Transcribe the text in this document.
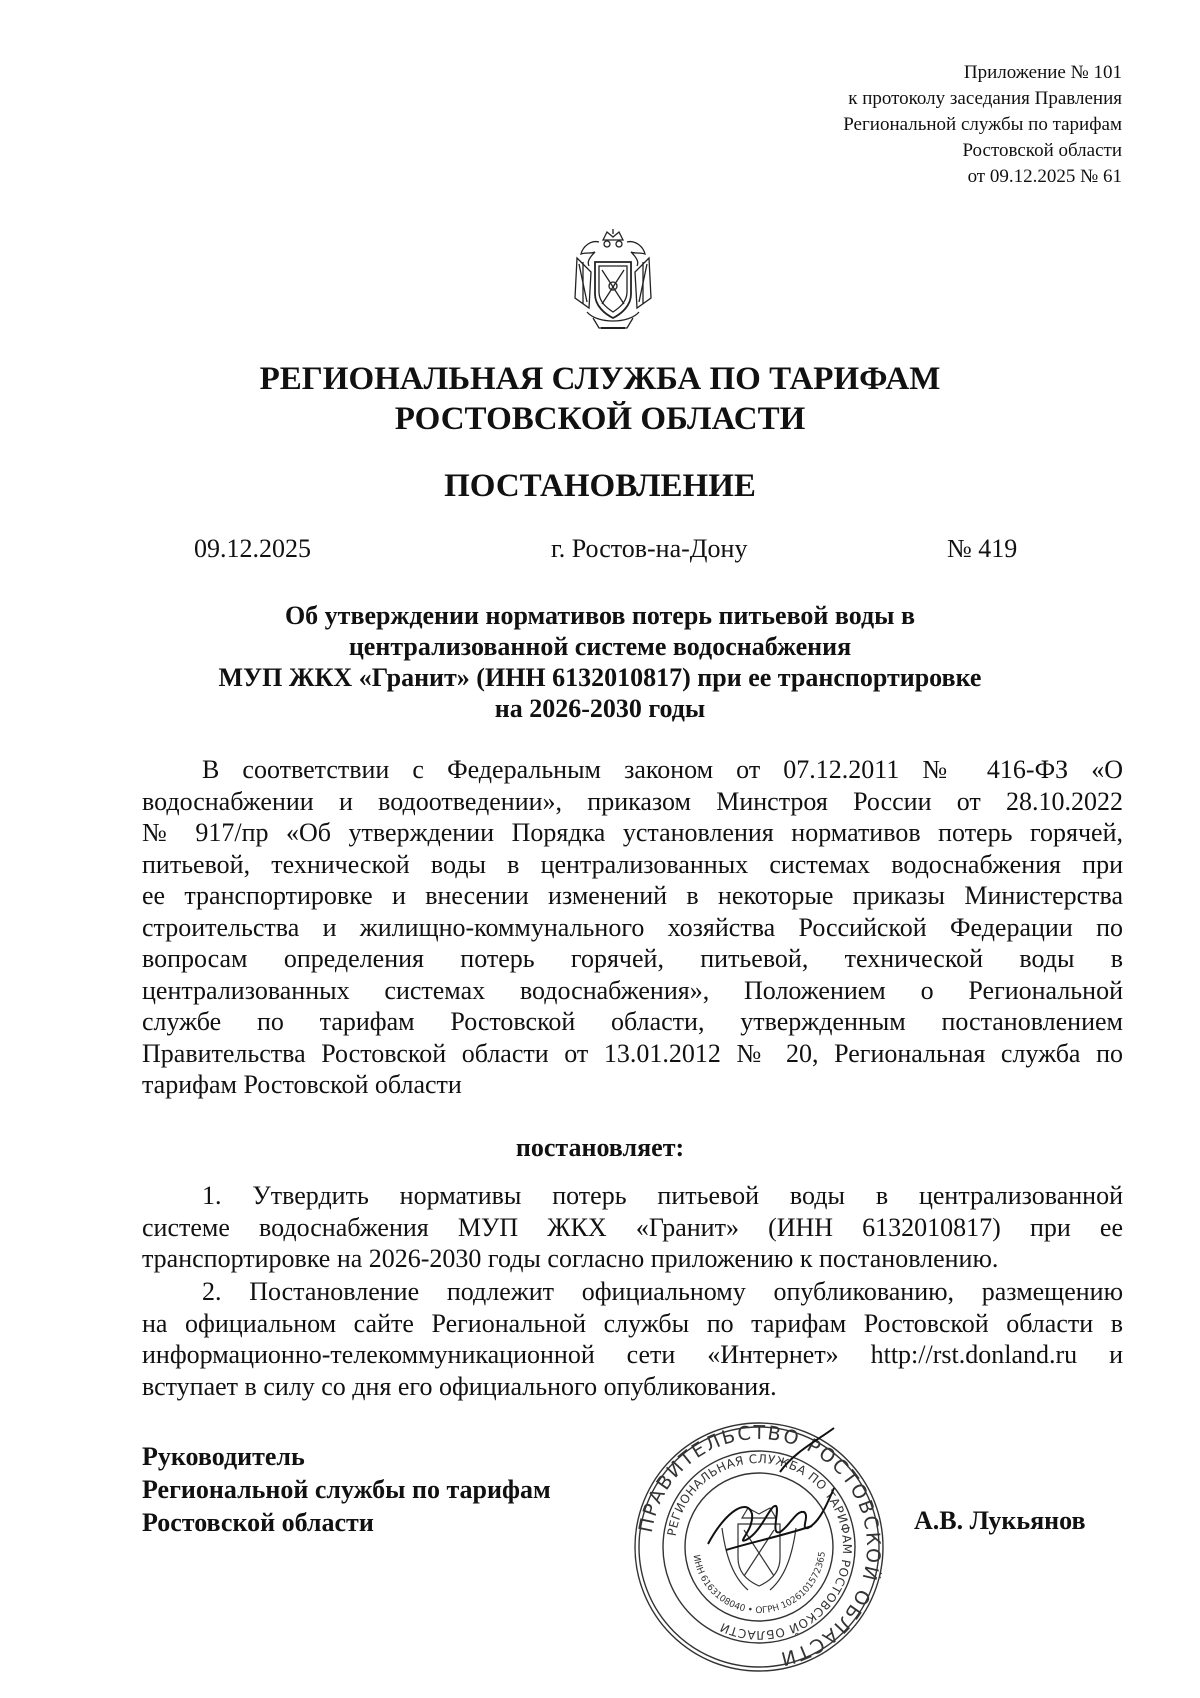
Приложение № 101
к протоколу заседания Правления
Региональной службы по тарифам
Ростовской области
от 09.12.2025 № 61
РЕГИОНАЛЬНАЯ СЛУЖБА ПО ТАРИФАМ
РОСТОВСКОЙ ОБЛАСТИ
ПОСТАНОВЛЕНИЕ
09.12.2025	г. Ростов-на-Дону	№ 419
Об утверждении нормативов потерь питьевой воды в
централизованной системе водоснабжения
МУП ЖКХ «Гранит» (ИНН 6132010817) при ее транспортировке
на 2026-2030 годы
В соответствии с Федеральным законом от 07.12.2011 № 416-ФЗ «О
водоснабжении и водоотведении», приказом Минстроя России от 28.10.2022
№ 917/пр «Об утверждении Порядка установления нормативов потерь горячей,
питьевой, технической воды в централизованных системах водоснабжения при
ее транспортировке и внесении изменений в некоторые приказы Министерства
строительства и жилищно-коммунального хозяйства Российской Федерации по
вопросам определения потерь горячей, питьевой, технической воды в
централизованных системах водоснабжения», Положением о Региональной
службе по тарифам Ростовской области, утвержденным постановлением
Правительства Ростовской области от 13.01.2012 № 20, Региональная служба по
тарифам Ростовской области
постановляет:
1. Утвердить нормативы потерь питьевой воды в централизованной
системе водоснабжения МУП ЖКХ «Гранит» (ИНН 6132010817) при ее
транспортировке на 2026-2030 годы согласно приложению к постановлению.
2. Постановление подлежит официальному опубликованию, размещению
на официальном сайте Региональной службы по тарифам Ростовской области в
информационно-телекоммуникационной сети «Интернет» http://rst.donland.ru и
вступает в силу со дня его официального опубликования.
Руководитель
Региональной службы по тарифам
Ростовской области	ПРАВИТЕЛЬСТВО РОСТОВСКОЙ ОБЛАСТИ
РЕГИОНАЛЬНАЯ СЛУЖБА ПО ТАРИФАМ РОСТОВСКОЙ ОБЛАСТИ
ИНН 6163108040 • ОГРН 1026101572365
А.В. Лукьянов
